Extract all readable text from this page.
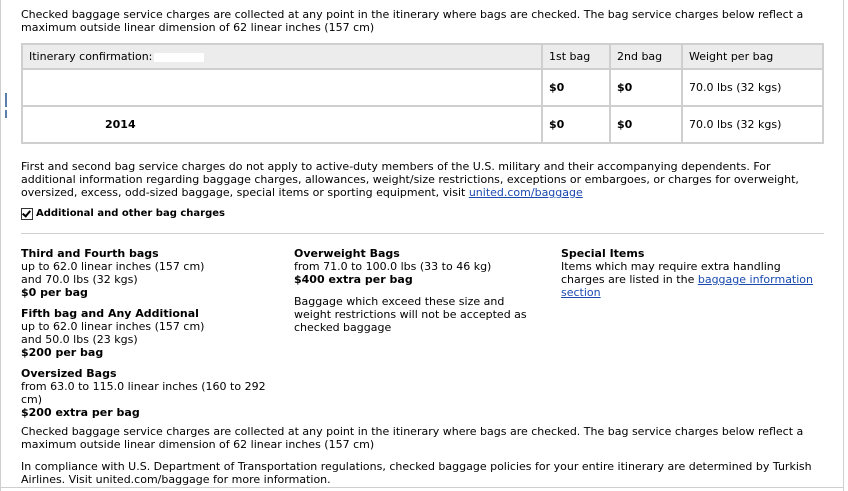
Checked baggage service charges are collected at any point in the itinerary where bags are checked. The bag service charges below reflect a maximum outside linear dimension of 62 linear inches (157 cm)

Itinerary confirmation:	1st bag	2nd bag	Weight per bag
	$0	$0	70.0 lbs (32 kgs)
2014	$0	$0	70.0 lbs (32 kgs)

First and second bag service charges do not apply to active-duty members of the U.S. military and their accompanying dependents. For additional information regarding baggage charges, allowances, weight/size restrictions, exceptions or embargoes, or charges for overweight, oversized, excess, odd-sized baggage, special items or sporting equipment, visit united.com/baggage

Additional and other bag charges

Third and Fourth bags

up to 62.0 linear inches (157 cm)

and 70.0 lbs (32 kgs)

$0 per bag

Fifth bag and Any Additional

up to 62.0 linear inches (157 cm)

and 50.0 lbs (23 kgs)

$200 per bag

Oversized Bags

from 63.0 to 115.0 linear inches (160 to 292 cm)

$200 extra per bag

Overweight Bags

from 71.0 to 100.0 lbs (33 to 46 kg)

$400 extra per bag

Baggage which exceed these size and weight restrictions will not be accepted as checked baggage

Special Items

Items which may require extra handling charges are listed in the baggage information section

Checked baggage service charges are collected at any point in the itinerary where bags are checked. The bag service charges below reflect a maximum outside linear dimension of 62 linear inches (157 cm)

In compliance with U.S. Department of Transportation regulations, checked baggage policies for your entire itinerary are determined by Turkish Airlines. Visit united.com/baggage for more information.
